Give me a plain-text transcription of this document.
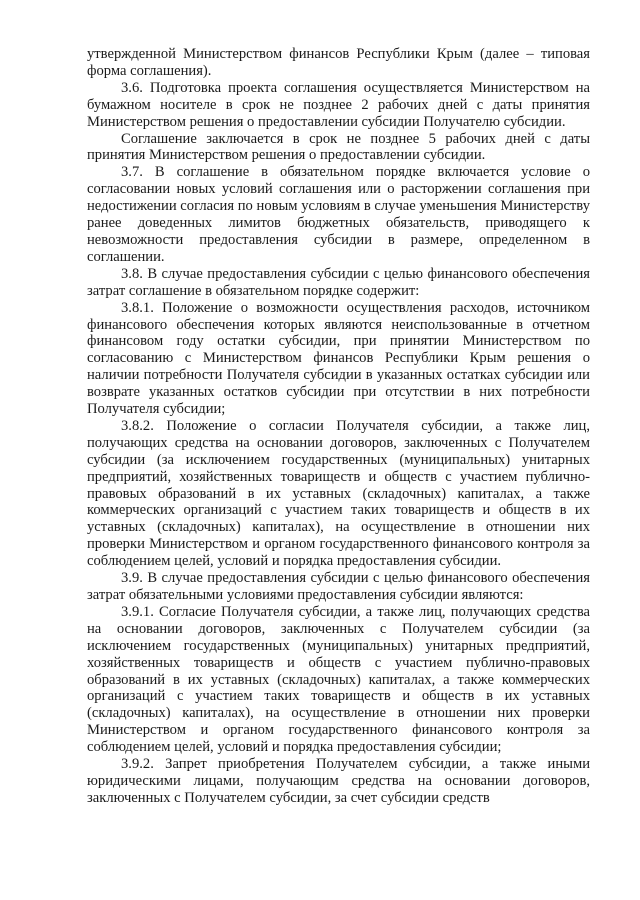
утвержденной Министерством финансов Республики Крым (далее – типовая форма соглашения).

3.6. Подготовка проекта соглашения осуществляется Министерством на бумажном носителе в срок не позднее 2 рабочих дней с даты принятия Министерством решения о предоставлении субсидии Получателю субсидии.

Соглашение заключается в срок не позднее 5 рабочих дней с даты принятия Министерством решения о предоставлении субсидии.

3.7. В соглашение в обязательном порядке включается условие о согласовании новых условий соглашения или о расторжении соглашения при недостижении согласия по новым условиям в случае уменьшения Министерству ранее доведенных лимитов бюджетных обязательств, приводящего к невозможности предоставления субсидии в размере, определенном в соглашении.

3.8. В случае предоставления субсидии с целью финансового обеспечения затрат соглашение в обязательном порядке содержит:

3.8.1. Положение о возможности осуществления расходов, источником финансового обеспечения которых являются неиспользованные в отчетном финансовом году остатки субсидии, при принятии Министерством по согласованию с Министерством финансов Республики Крым решения о наличии потребности Получателя субсидии в указанных остатках субсидии или возврате указанных остатков субсидии при отсутствии в них потребности Получателя субсидии;

3.8.2. Положение о согласии Получателя субсидии, а также лиц, получающих средства на основании договоров, заключенных с Получателем субсидии (за исключением государственных (муниципальных) унитарных предприятий, хозяйственных товариществ и обществ с участием публично-правовых образований в их уставных (складочных) капиталах, а также коммерческих организаций с участием таких товариществ и обществ в их уставных (складочных) капиталах), на осуществление в отношении них проверки Министерством и органом государственного финансового контроля за соблюдением целей, условий и порядка предоставления субсидии.

3.9. В случае предоставления субсидии с целью финансового обеспечения затрат обязательными условиями предоставления субсидии являются:

3.9.1. Согласие Получателя субсидии, а также лиц, получающих средства на основании договоров, заключенных с Получателем субсидии (за исключением государственных (муниципальных) унитарных предприятий, хозяйственных товариществ и обществ с участием публично-правовых образований в их уставных (складочных) капиталах, а также коммерческих организаций с участием таких товариществ и обществ в их уставных (складочных) капиталах), на осуществление в отношении них проверки Министерством и органом государственного финансового контроля за соблюдением целей, условий и порядка предоставления субсидии;

3.9.2. Запрет приобретения Получателем субсидии, а также иными юридическими лицами, получающим средства на основании договоров, заключенных с Получателем субсидии, за счет субсидии средств
